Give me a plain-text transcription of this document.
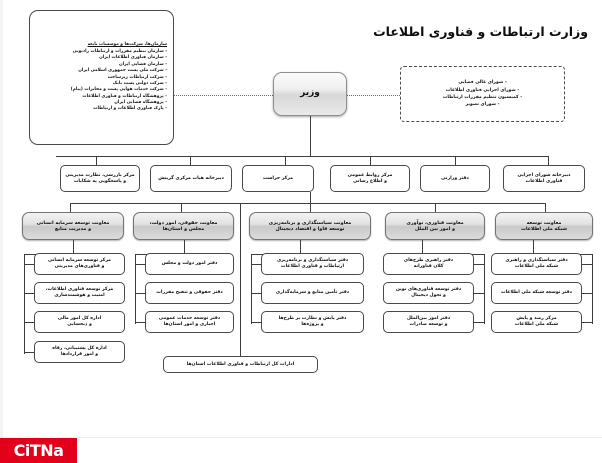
وزارت ارتباطات و فناوری اطلاعات
سازمان‌ها، شرکت‌ها و موسسات تابعه
- سازمان تنظیم مقررات و ارتباطات رادیویی
- سازمان فناوری اطلاعات ایران
- سازمان فضایی ایران
- شرکت ملی پست جمهوری اسلامی ایران
- شرکت ارتباطات زیرساخت
- شرکت دولتی پست بانک
- شرکت خدمات هوایی پست و مخابرات (پیام)
- پژوهشگاه ارتباطات و فناوری اطلاعات
- پژوهشگاه فضایی ایران
- پارک فناوری اطلاعات و ارتباطات
- شورای عالی فضایی
- شورای اجرایی فناوری اطلاعات
- کمیسیون تنظیم مقررات ارتباطات
- شورای تصویر
وزیر
مرکز بازرسی، نظارت مدیریتی
و پاسخگویی به شکایات
دبیرخانه هیات مرکزی گزینش	مرکز حراست
مرکز روابط عمومی
و اطلاع رسانی
دفتر وزارتی
دبیرخانه شورای اجرایی
فناوری اطلاعات
معاونت توسعه سرمایه انسانی
و مدیریت منابع
معاونت حقوقی، امور دولت،
مجلس و استان‌ها
معاونت سیاستگذاری و برنامه‌ریزی
توسعه فاوا و اقتصاد دیجیتال
معاونت فناوری، نوآوری
و امور بین الملل
معاونت توسعه
شبکه ملی اطلاعات
مرکز توسعه سرمایه انسانی
و فناوری‌های مدیریتی
مرکز توسعه فناوری اطلاعات،
امنیت و هوشمندسازی
اداره کل امور مالی
و ذیحسابی
اداره کل پشتیبانی، رفاه
و امور قراردادها
دفتر امور دولت و مجلس
دفتر حقوقی و تنقیح مقررات
دفتر توسعه خدمات عمومی
اجباری و امور استان‌ها
دفتر سیاستگذاری و برنامه‌ریزی
ارتباطات و فناوری اطلاعات
دفتر تأمین منابع و سرمایه‌گذاری
دفتر پایش و نظارت بر طرح‌ها
و پروژه‌ها
دفتر راهبری طرح‌های
کلان فناورانه
دفتر توسعه فناوری‌های نوین
و تحول دیجیتال
دفتر امور بین‌الملل
و توسعه صادرات
دفتر سیاستگذاری و راهبری
شبکه ملی اطلاعات
دفتر توسعه شبکه ملی اطلاعات
مرکز رصد و پایش
شبکه ملی اطلاعات
ادارات کل ارتباطات و فناوری اطلاعات استان‌ها
CiTNa
